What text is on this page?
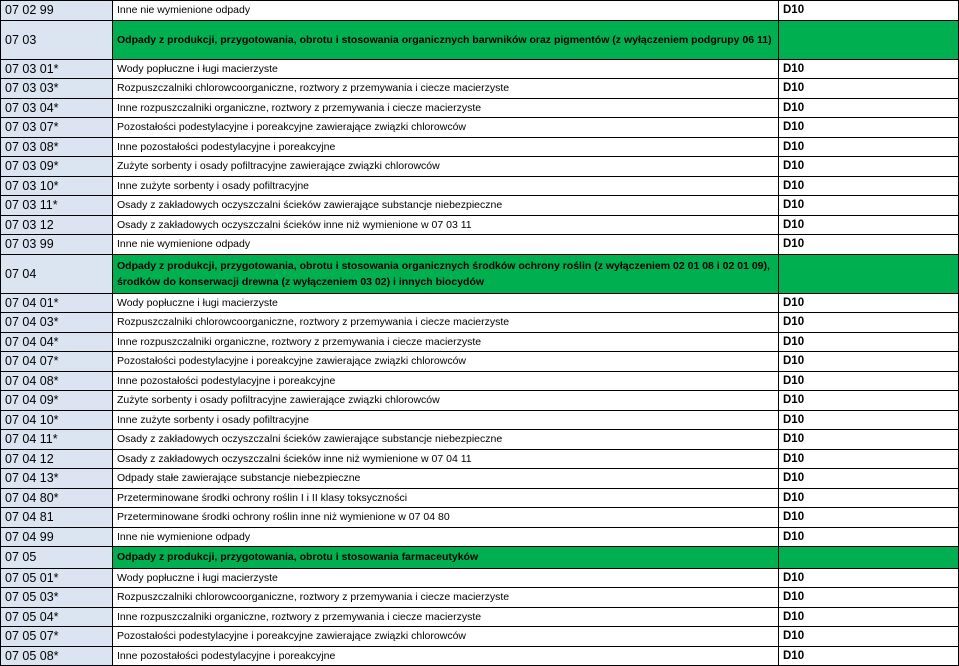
07 02 99	Inne nie wymienione odpady	D10
07 03	Odpady z produkcji, przygotowania, obrotu i stosowania organicznych barwników oraz pigmentów (z wyłączeniem podgrupy 06 11)	
07 03 01*	Wody popłuczne i ługi macierzyste	D10
07 03 03*	Rozpuszczalniki chlorowcoorganiczne, roztwory z przemywania i ciecze macierzyste	D10
07 03 04*	Inne rozpuszczalniki organiczne, roztwory z przemywania i ciecze macierzyste	D10
07 03 07*	Pozostałości podestylacyjne i poreakcyjne zawierające związki chlorowców	D10
07 03 08*	Inne pozostałości podestylacyjne i poreakcyjne	D10
07 03 09*	Zużyte sorbenty i osady pofiltracyjne zawierające związki chlorowców	D10
07 03 10*	Inne zużyte sorbenty i osady pofiltracyjne	D10
07 03 11*	Osady z zakładowych oczyszczalni ścieków zawierające substancje niebezpieczne	D10
07 03 12	Osady z zakładowych oczyszczalni ścieków inne niż wymienione w 07 03 11	D10
07 03 99	Inne nie wymienione odpady	D10
07 04	Odpady z produkcji, przygotowania, obrotu i stosowania organicznych środków ochrony roślin (z wyłączeniem 02 01 08 i 02 01 09), środków do konserwacji drewna (z wyłączeniem 03 02) i innych biocydów	
07 04 01*	Wody popłuczne i ługi macierzyste	D10
07 04 03*	Rozpuszczalniki chlorowcoorganiczne, roztwory z przemywania i ciecze macierzyste	D10
07 04 04*	Inne rozpuszczalniki organiczne, roztwory z przemywania i ciecze macierzyste	D10
07 04 07*	Pozostałości podestylacyjne i poreakcyjne zawierające związki chlorowców	D10
07 04 08*	Inne pozostałości podestylacyjne i poreakcyjne	D10
07 04 09*	Zużyte sorbenty i osady pofiltracyjne zawierające związki chlorowców	D10
07 04 10*	Inne zużyte sorbenty i osady pofiltracyjne	D10
07 04 11*	Osady z zakładowych oczyszczalni ścieków zawierające substancje niebezpieczne	D10
07 04 12	Osady z zakładowych oczyszczalni ścieków inne niż wymienione w 07 04 11	D10
07 04 13*	Odpady stałe zawierające substancje niebezpieczne	D10
07 04 80*	Przeterminowane środki ochrony roślin I i II klasy toksyczności	D10
07 04 81	Przeterminowane środki ochrony roślin inne niż wymienione w 07 04 80	D10
07 04 99	Inne nie wymienione odpady	D10
07 05	Odpady z produkcji, przygotowania, obrotu i stosowania farmaceutyków	
07 05 01*	Wody popłuczne i ługi macierzyste	D10
07 05 03*	Rozpuszczalniki chlorowcoorganiczne, roztwory z przemywania i ciecze macierzyste	D10
07 05 04*	Inne rozpuszczalniki organiczne, roztwory z przemywania i ciecze macierzyste	D10
07 05 07*	Pozostałości podestylacyjne i poreakcyjne zawierające związki chlorowców	D10
07 05 08*	Inne pozostałości podestylacyjne i poreakcyjne	D10
